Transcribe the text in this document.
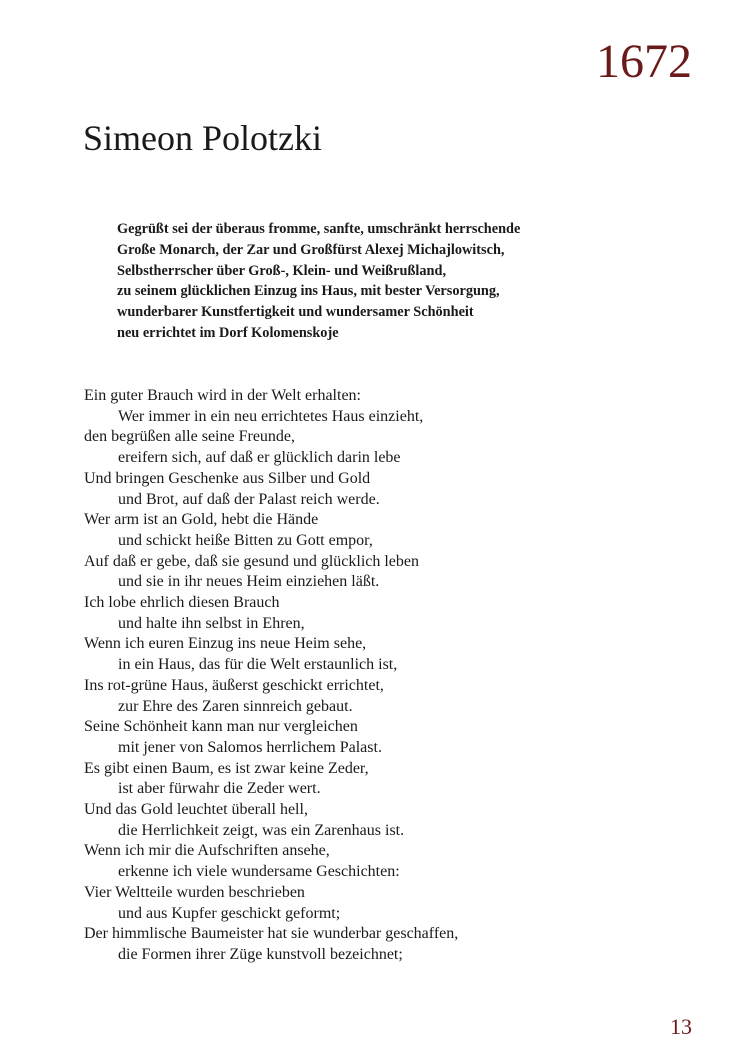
1672
Simeon Polotzki
Gegrüßt sei der überaus fromme, sanfte, umschränkt herrschende
Große Monarch, der Zar und Großfürst Alexej Michajlowitsch,
Selbstherrscher über Groß-, Klein- und Weißrußland,
zu seinem glücklichen Einzug ins Haus, mit bester Versorgung,
wunderbarer Kunstfertigkeit und wundersamer Schönheit
neu errichtet im Dorf Kolomenskoje
Ein guter Brauch wird in der Welt erhalten:
Wer immer in ein neu errichtetes Haus einzieht,
den begrüßen alle seine Freunde,
ereifern sich, auf daß er glücklich darin lebe
Und bringen Geschenke aus Silber und Gold
und Brot, auf daß der Palast reich werde.
Wer arm ist an Gold, hebt die Hände
und schickt heiße Bitten zu Gott empor,
Auf daß er gebe, daß sie gesund und glücklich leben
und sie in ihr neues Heim einziehen läßt.
Ich lobe ehrlich diesen Brauch
und halte ihn selbst in Ehren,
Wenn ich euren Einzug ins neue Heim sehe,
in ein Haus, das für die Welt erstaunlich ist,
Ins rot-grüne Haus, äußerst geschickt errichtet,
zur Ehre des Zaren sinnreich gebaut.
Seine Schönheit kann man nur vergleichen
mit jener von Salomos herrlichem Palast.
Es gibt einen Baum, es ist zwar keine Zeder,
ist aber fürwahr die Zeder wert.
Und das Gold leuchtet überall hell,
die Herrlichkeit zeigt, was ein Zarenhaus ist.
Wenn ich mir die Aufschriften ansehe,
erkenne ich viele wundersame Geschichten:
Vier Weltteile wurden beschrieben
und aus Kupfer geschickt geformt;
Der himmlische Baumeister hat sie wunderbar geschaffen,
die Formen ihrer Züge kunstvoll bezeichnet;
13
